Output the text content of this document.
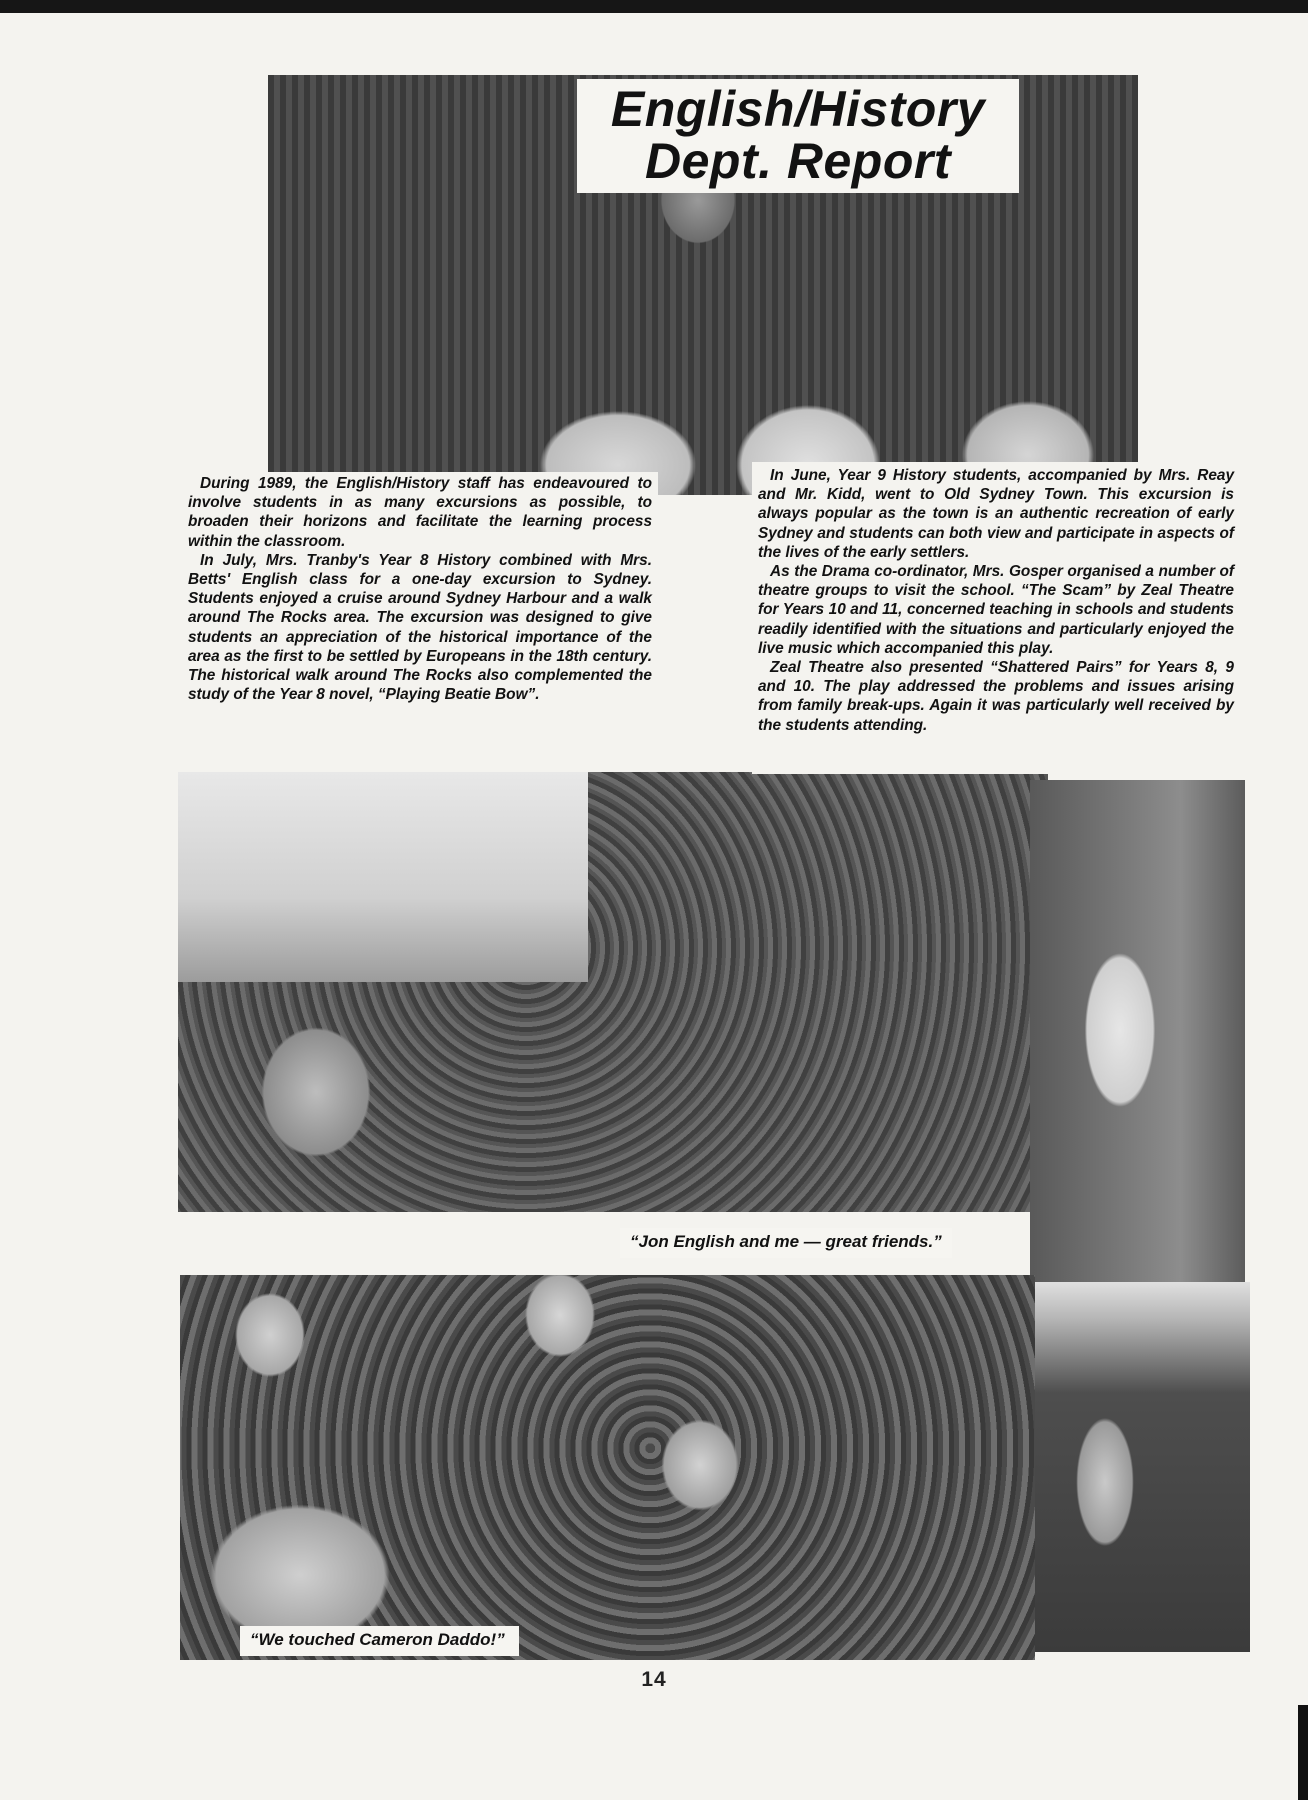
English/History
Dept. Report

During 1989, the English/History staff has endeavoured to involve students in as many excursions as possible, to broaden their horizons and facilitate the learning process within the classroom.

In July, Mrs. Tranby's Year 8 History combined with Mrs. Betts' English class for a one-day excursion to Sydney. Students enjoyed a cruise around Sydney Harbour and a walk around The Rocks area. The excursion was designed to give students an appreciation of the historical importance of the area as the first to be settled by Europeans in the 18th century. The historical walk around The Rocks also complemented the study of the Year 8 novel, “Playing Beatie Bow”.

In June, Year 9 History students, accompanied by Mrs. Reay and Mr. Kidd, went to Old Sydney Town. This excursion is always popular as the town is an authentic recreation of early Sydney and students can both view and participate in aspects of the lives of the early settlers.

As the Drama co-ordinator, Mrs. Gosper organised a number of theatre groups to visit the school. “The Scam” by Zeal Theatre for Years 10 and 11, concerned teaching in schools and students readily identified with the situations and particularly enjoyed the live music which accompanied this play.

Zeal Theatre also presented “Shattered Pairs” for Years 8, 9 and 10. The play addressed the problems and issues arising from family break-ups. Again it was particularly well received by the students attending.

“Jon English and me — great friends.”
“We touched Cameron Daddo!”
14
